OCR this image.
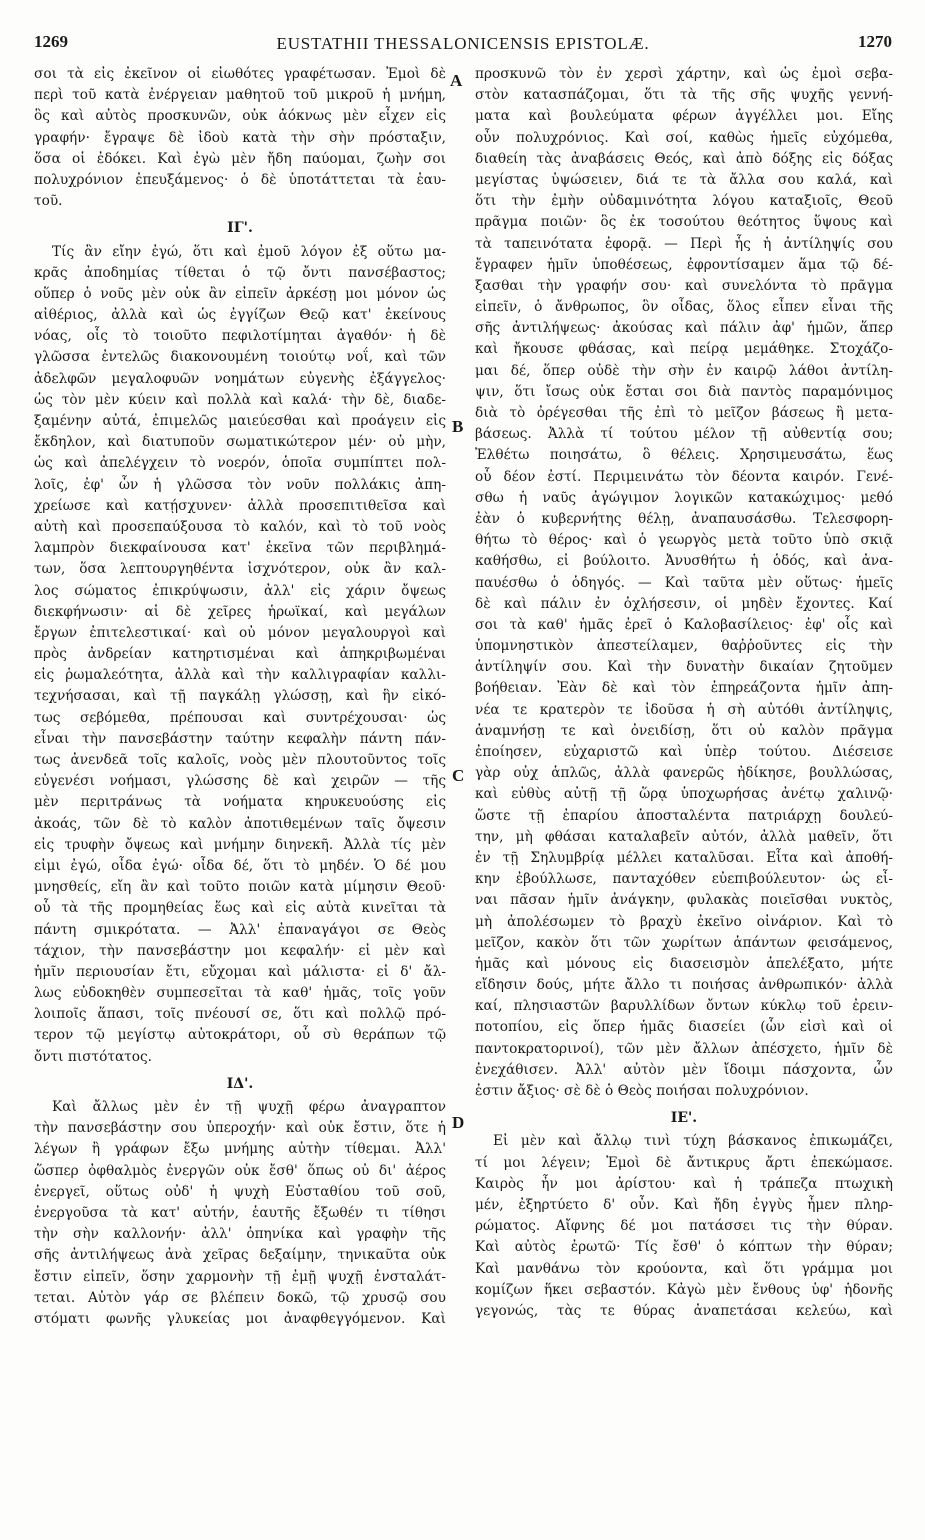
1269	EUSTATHII THESSALONICENSIS EPISTOLÆ.	1270
A
B
C
D
σοι τὰ εἰς ἐκεῖνον οἱ εἰωθότες γραφέτωσαν. Ἐμοὶ δὲ
περὶ τοῦ κατὰ ἐνέργειαν μαθητοῦ τοῦ μικροῦ ἡ μνήμη,
ὃς καὶ αὐτὸς προσκυνῶν, οὐκ ἀόκνως μὲν εἶχεν εἰς
γραφήν· ἔγραψε δὲ ἰδοὺ κατὰ τὴν σὴν πρόσταξιν,
ὅσα οἱ ἐδόκει. Καὶ ἐγὼ μὲν ἤδη παύομαι, ζωὴν σοι
πολυχρόνιον ἐπευξάμενος· ὁ δὲ ὑποτάττεται τὰ ἑαυ-
τοῦ.
ΙΓ'.
Τίς ἂν εἴην ἐγώ, ὅτι καὶ ἐμοῦ λόγον ἐξ οὕτω μα-
κρᾶς ἀποδημίας τίθεται ὁ τῷ ὄντι πανσέβαστος;
οὕπερ ὁ νοῦς μὲν οὐκ ἂν εἰπεῖν ἀρκέσῃ μοι μόνον ὡς
αἰθέριος, ἀλλὰ καὶ ὡς ἐγγίζων Θεῷ κατ' ἐκείνους
νόας, οἷς τὸ τοιοῦτο πεφιλοτίμηται ἀγαθόν· ἡ δὲ
γλῶσσα ἐντελῶς διακονουμένη τοιούτῳ νοΐ, καὶ τῶν
ἀδελφῶν μεγαλοφυῶν νοημάτων εὐγενὴς ἐξάγγελος·
ὡς τὸν μὲν κύειν καὶ πολλὰ καὶ καλά· τὴν δὲ, διαδε-
ξαμένην αὐτά, ἐπιμελῶς μαιεύεσθαι καὶ προάγειν εἰς
ἔκδηλον, καὶ διατυποῦν σωματικώτερον μέν· οὐ μὴν,
ὡς καὶ ἀπελέγχειν τὸ νοερόν, ὁποῖα συμπίπτει πολ-
λοῖς, ἐφ' ὧν ἡ γλῶσσα τὸν νοῦν πολλάκις ἀπη-
χρείωσε καὶ κατῄσχυνεν· ἀλλὰ προσεπιτιθεῖσα καὶ
αὐτὴ καὶ προσεπαύξουσα τὸ καλόν, καὶ τὸ τοῦ νοὸς
λαμπρὸν διεκφαίνουσα κατ' ἐκεῖνα τῶν περιβλημά-
των, ὅσα λεπτουργηθέντα ἰσχνότερον, οὐκ ἂν καλ-
λος σώματος ἐπικρύψωσιν, ἀλλ' εἰς χάριν ὄψεως
διεκφήνωσιν· αἱ δὲ χεῖρες ἡρωϊκαί, καὶ μεγάλων
ἔργων ἐπιτελεστικαί· καὶ οὐ μόνον μεγαλουργοὶ καὶ
πρὸς ἀνδρείαν κατηρτισμέναι καὶ ἀπηκριβωμέναι
εἰς ῥωμαλεότητα, ἀλλὰ καὶ τὴν καλλιγραφίαν καλλι-
τεχνήσασαι, καὶ τῇ παγκάλῃ γλώσσῃ, καὶ ἣν εἰκό-
τως σεβόμεθα, πρέπουσαι καὶ συντρέχουσαι· ὡς
εἶναι τὴν πανσεβάστην ταύτην κεφαλὴν πάντη πάν-
τως ἀνενδεᾶ τοῖς καλοῖς, νοὸς μὲν πλουτοῦντος τοῖς
εὐγενέσι νοήμασι, γλώσσης δὲ καὶ χειρῶν — τῆς
μὲν περιτράνως τὰ νοήματα κηρυκευούσης εἰς
ἀκοάς, τῶν δὲ τὸ καλὸν ἀποτιθεμένων ταῖς ὄψεσιν
εἰς τρυφὴν ὄψεως καὶ μνήμην διηνεκῆ. Ἀλλὰ τίς μὲν
εἰμι ἐγώ, οἶδα ἐγώ· οἶδα δέ, ὅτι τὸ μηδέν. Ὁ δέ μου
μνησθείς, εἴη ἂν καὶ τοῦτο ποιῶν κατὰ μίμησιν Θεοῦ·
οὗ τὰ τῆς προμηθείας ἕως καὶ εἰς αὐτὰ κινεῖται τὰ
πάντη σμικρότατα. — Ἀλλ' ἐπαναγάγοι σε Θεὸς
τάχιον, τὴν πανσεβάστην μοι κεφαλήν· εἰ μὲν καὶ
ἡμῖν περιουσίαν ἔτι, εὔχομαι καὶ μάλιστα· εἰ δ' ἄλ-
λως εὐδοκηθὲν συμπεσεῖται τὰ καθ' ἡμᾶς, τοῖς γοῦν
λοιποῖς ἅπασι, τοῖς πνέουσί σε, ὅτι καὶ πολλῷ πρό-
τερον τῷ μεγίστῳ αὐτοκράτορι, οὗ σὺ θεράπων τῷ
ὄντι πιστότατος.
ΙΔ'.
Καὶ ἄλλως μὲν ἐν τῇ ψυχῇ φέρω ἀναγραπτον
τὴν πανσεβάστην σου ὑπεροχήν· καὶ οὐκ ἔστιν, ὅτε ἡ
λέγων ἢ γράφων ἔξω μνήμης αὐτὴν τίθεμαι. Ἀλλ'
ὥσπερ ὀφθαλμὸς ἐνεργῶν οὐκ ἔσθ' ὅπως οὐ δι' ἀέρος
ἐνεργεῖ, οὕτως οὐδ' ἡ ψυχὴ Εὐσταθίου τοῦ σοῦ,
ἐνεργοῦσα τὰ κατ' αὐτήν, ἑαυτῆς ἔξωθέν τι τίθησι
τὴν σὴν καλλονήν· ἀλλ' ὁπηνίκα καὶ γραφὴν τῆς
σῆς ἀντιλήψεως ἀνὰ χεῖρας δεξαίμην, τηνικαῦτα οὐκ
ἔστιν εἰπεῖν, ὅσην χαρμονὴν τῇ ἐμῇ ψυχῇ ἐνσταλάτ-
τεται. Αὐτὸν γάρ σε βλέπειν δοκῶ, τῷ χρυσῷ σου
στόματι φωνῆς γλυκείας μοι ἀναφθεγγόμενον. Καὶ
προσκυνῶ τὸν ἐν χερσὶ χάρτην, καὶ ὡς ἐμοὶ σεβα-
στὸν κατασπάζομαι, ὅτι τὰ τῆς σῆς ψυχῆς γεννή-
ματα καὶ βουλεύματα φέρων ἀγγέλλει μοι. Εἴης
οὖν πολυχρόνιος. Καὶ σοί, καθὼς ἡμεῖς εὐχόμεθα,
διαθείη τὰς ἀναβάσεις Θεός, καὶ ἀπὸ δόξης εἰς δόξας
μεγίστας ὑψώσειεν, διά τε τὰ ἄλλα σου καλά, καὶ
ὅτι τὴν ἐμὴν οὐδαμινότητα λόγου καταξιοῖς, Θεοῦ
πρᾶγμα ποιῶν· ὃς ἐκ τοσούτου θεότητος ὕψους καὶ
τὰ ταπεινότατα ἐφορᾷ. — Περὶ ἧς ἡ ἀντίληψίς σου
ἔγραφεν ἡμῖν ὑποθέσεως, ἐφροντίσαμεν ἅμα τῷ δέ-
ξασθαι τὴν γραφήν σου· καὶ συνελόντα τὸ πρᾶγμα
εἰπεῖν, ὁ ἄνθρωπος, ὃν οἶδας, ὅλος εἶπεν εἶναι τῆς
σῆς ἀντιλήψεως· ἀκούσας καὶ πάλιν ἀφ' ἡμῶν, ἅπερ
καὶ ἤκουσε φθάσας, καὶ πείρᾳ μεμάθηκε. Στοχάζο-
μαι δέ, ὅπερ οὐδὲ τὴν σὴν ἐν καιρῷ λάθοι ἀντίλη-
ψιν, ὅτι ἴσως οὐκ ἔσται σοι διὰ παντὸς παραμόνιμος
διὰ τὸ ὀρέγεσθαι τῆς ἐπὶ τὸ μεῖζον βάσεως ἢ μετα-
βάσεως. Ἀλλὰ τί τούτου μέλον τῇ αὐθεντίᾳ σου;
Ἐλθέτω ποιησάτω, ὃ θέλεις. Χρησιμευσάτω, ἕως
οὗ δέον ἐστί. Περιμεινάτω τὸν δέοντα καιρόν. Γενέ-
σθω ἡ ναῦς ἀγώγιμον λογικῶν κατακώχιμος· μεθό
ἐὰν ὁ κυβερνήτης θέλῃ, ἀναπαυσάσθω. Τελεσφορη-
θήτω τὸ θέρος· καὶ ὁ γεωργὸς μετὰ τοῦτο ὑπὸ σκιᾷ
καθήσθω, εἰ βούλοιτο. Ἀνυσθήτω ἡ ὁδός, καὶ ἀνα-
παυέσθω ὁ ὁδηγός. — Καὶ ταῦτα μὲν οὕτως· ἡμεῖς
δὲ καὶ πάλιν ἐν ὀχλήσεσιν, οἱ μηδὲν ἔχοντες. Καί
σοι τὰ καθ' ἡμᾶς ἐρεῖ ὁ Καλοβασίλειος· ἐφ' οἷς καὶ
ὑπομνηστικὸν ἀπεστείλαμεν, θαῤῥοῦντες εἰς τὴν
ἀντίληψίν σου. Καὶ τὴν δυνατὴν δικαίαν ζητοῦμεν
βοήθειαν. Ἐὰν δὲ καὶ τὸν ἐπηρεάζοντα ἡμῖν ἀπη-
νέα τε κρατερὸν τε ἰδοῦσα ἡ σὴ αὐτόθι ἀντίληψις,
ἀναμνήσῃ τε καὶ ὀνειδίσῃ, ὅτι οὐ καλὸν πρᾶγμα
ἐποίησεν, εὐχαριστῶ καὶ ὑπὲρ τούτου. Διέσεισε
γὰρ οὐχ ἁπλῶς, ἀλλὰ φανερῶς ἠδίκησε, βουλλώσας,
καὶ εὐθὺς αὐτῇ τῇ ὥρᾳ ὑποχωρήσας ἀνέτῳ χαλινῷ·
ὥστε τῇ ἐπαρίου ἀποσταλέντα πατριάρχῃ δουλεύ-
την, μὴ φθάσαι καταλαβεῖν αὐτόν, ἀλλὰ μαθεῖν, ὅτι
ἐν τῇ Σηλυμβρίᾳ μέλλει καταλῦσαι. Εἶτα καὶ ἀποθή-
κην ἐβούλλωσε, πανταχόθεν εὐεπιβούλευτον· ὡς εἶ-
ναι πᾶσαν ἡμῖν ἀνάγκην, φυλακὰς ποιεῖσθαι νυκτὸς,
μὴ ἀπολέσωμεν τὸ βραχὺ ἐκεῖνο οἰνάριον. Καὶ τὸ
μεῖζον, κακὸν ὅτι τῶν χωρίτων ἁπάντων φεισάμενος,
ἡμᾶς καὶ μόνους εἰς διασεισμὸν ἀπελέξατο, μήτε
εἴδησιν δούς, μήτε ἄλλο τι ποιήσας ἀνθρωπικόν· ἀλλὰ
καί, πλησιαστῶν βαρυλλίδων ὄντων κύκλῳ τοῦ ἐρειν-
ποτοπίου, εἰς ὅπερ ἡμᾶς διασείει (ὧν εἰσὶ καὶ οἱ
παντοκρατορινοί), τῶν μὲν ἄλλων ἀπέσχετο, ἡμῖν δὲ
ἐνεχάθισεν. Ἀλλ' αὐτὸν μὲν ἴδοιμι πάσχοντα, ὧν
ἐστιν ἄξιος· σὲ δὲ ὁ Θεὸς ποιήσαι πολυχρόνιον.
ΙΕ'.
Εἰ μὲν καὶ ἄλλῳ τινὶ τύχη βάσκανος ἐπικωμάζει,
τί μοι λέγειν; Ἐμοὶ δὲ ἄντικρυς ἄρτι ἐπεκώμασε.
Καιρὸς ἦν μοι ἀρίστου· καὶ ἡ τράπεζα πτωχικὴ
μέν, ἐξηρτύετο δ' οὖν. Καὶ ἤδη ἐγγὺς ἦμεν πληρ-
ρώματος. Αἴφνης δέ μοι πατάσσει τις τὴν θύραν.
Καὶ αὐτὸς ἐρωτῶ· Τίς ἔσθ' ὁ κόπτων τὴν θύραν;
Καὶ μανθάνω τὸν κρούοντα, καὶ ὅτι γράμμα μοι
κομίζων ἥκει σεβαστόν. Κἀγὼ μὲν ἔνθους ὑφ' ἡδονῆς
γεγονώς, τὰς τε θύρας ἀναπετάσαι κελεύω, καὶ
